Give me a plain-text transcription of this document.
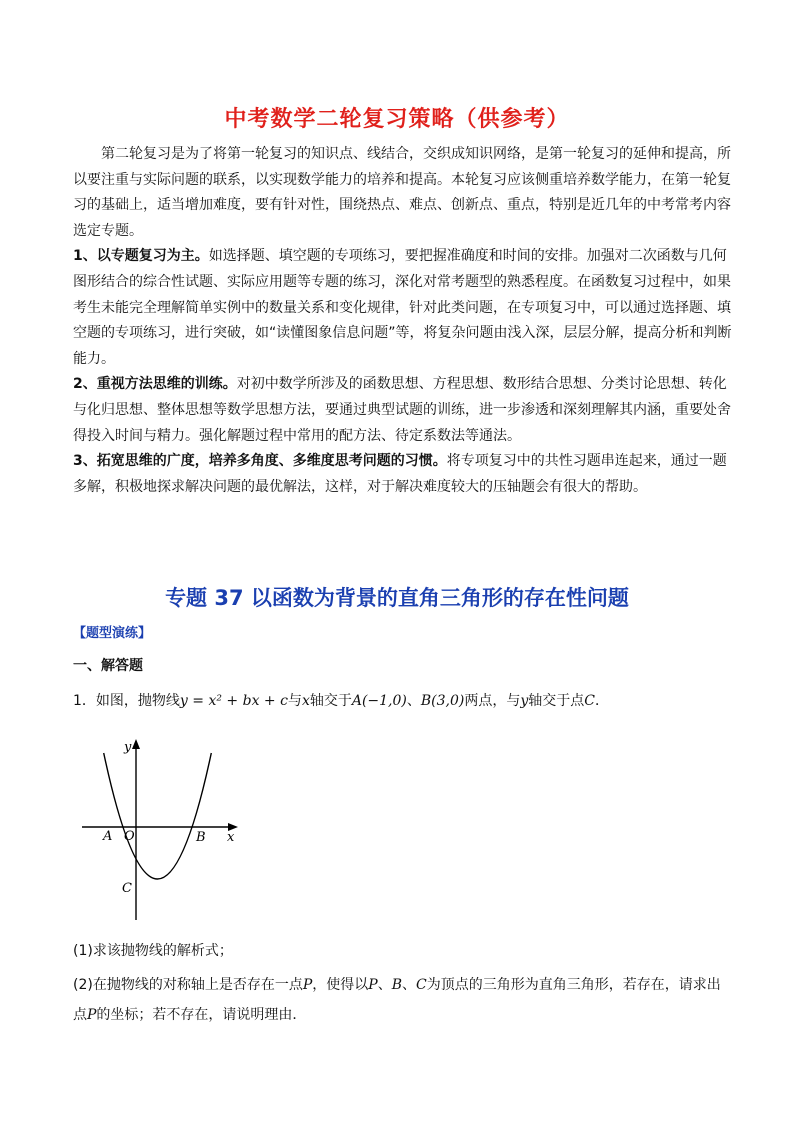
中考数学二轮复习策略（供参考）

第二轮复习是为了将第一轮复习的知识点、线结合，交织成知识网络，是第一轮复习的延伸和提高，所以要注重与实际问题的联系，以实现数学能力的培养和提高。本轮复习应该侧重培养数学能力，在第一轮复习的基础上，适当增加难度，要有针对性，围绕热点、难点、创新点、重点，特别是近几年的中考常考内容选定专题。

1、以专题复习为主。如选择题、填空题的专项练习，要把握准确度和时间的安排。加强对二次函数与几何图形结合的综合性试题、实际应用题等专题的练习，深化对常考题型的熟悉程度。在函数复习过程中，如果考生未能完全理解简单实例中的数量关系和变化规律，针对此类问题，在专项复习中，可以通过选择题、填空题的专项练习，进行突破，如“读懂图象信息问题”等，将复杂问题由浅入深，层层分解，提高分析和判断能力。

2、重视方法思维的训练。对初中数学所涉及的函数思想、方程思想、数形结合思想、分类讨论思想、转化与化归思想、整体思想等数学思想方法，要通过典型试题的训练，进一步渗透和深刻理解其内涵，重要处舍得投入时间与精力。强化解题过程中常用的配方法、待定系数法等通法。

3、拓宽思维的广度，培养多角度、多维度思考问题的习惯。将专项复习中的共性习题串连起来，通过一题多解，积极地探求解决问题的最优解法，这样，对于解决难度较大的压轴题会有很大的帮助。

专题 37 以函数为背景的直角三角形的存在性问题
【题型演练】
一、解答题
1．如图，抛物线y = x² + bx + c与x轴交于A(−1,0)、B(3,0)两点，与y轴交于点C．
y
x
A O	B
C
(1)求该抛物线的解析式；
(2)在抛物线的对称轴上是否存在一点P，使得以P、B、C为顶点的三角形为直角三角形，若存在，请求出点P的坐标；若不存在，请说明理由．
